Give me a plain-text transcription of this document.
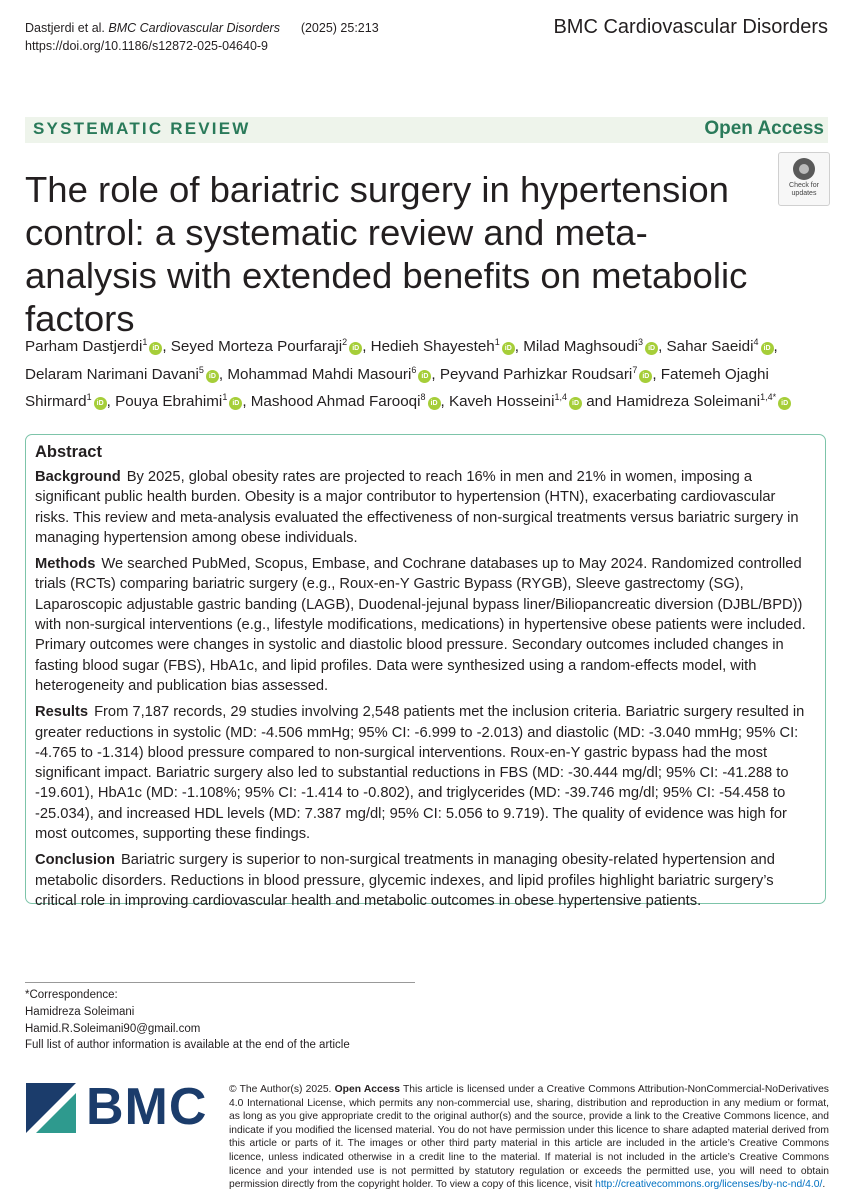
Dastjerdi et al. BMC Cardiovascular Disorders (2025) 25:213
https://doi.org/10.1186/s12872-025-04640-9
BMC Cardiovascular Disorders
SYSTEMATIC REVIEW	Open Access
Check for
updates
The role of bariatric surgery in hypertension control: a systematic review and meta-analysis with extended benefits on metabolic factors
Parham Dastjerdi$^1$iD , Seyed Morteza Pourfaraji$^2$iD , Hedieh Shayesteh$^1$iD , Milad Maghsoudi$^3$iD , Sahar Saeidi$^4$iD , Delaram Narimani Davani$^5$iD , Mohammad Mahdi Masouri$^6$iD , Peyvand Parhizkar Roudsari$^7$iD , Fatemeh Ojaghi Shirmard$^1$iD , Pouya Ebrahimi$^1$iD , Mashood Ahmad Farooqi$^8$iD , Kaveh Hosseini$^{1,4}$iD and Hamidreza Soleimani$^{1,4*}$iD
Abstract

Background By 2025, global obesity rates are projected to reach 16% in men and 21% in women, imposing a significant public health burden. Obesity is a major contributor to hypertension (HTN), exacerbating cardiovascular risks. This review and meta-analysis evaluated the effectiveness of non-surgical treatments versus bariatric surgery in managing hypertension among obese individuals.

Methods We searched PubMed, Scopus, Embase, and Cochrane databases up to May 2024. Randomized controlled trials (RCTs) comparing bariatric surgery (e.g., Roux-en-Y Gastric Bypass (RYGB), Sleeve gastrectomy (SG), Laparoscopic adjustable gastric banding (LAGB), Duodenal-jejunal bypass liner/Biliopancreatic diversion (DJBL/BPD)) with non-surgical interventions (e.g., lifestyle modifications, medications) in hypertensive obese patients were included. Primary outcomes were changes in systolic and diastolic blood pressure. Secondary outcomes included changes in fasting blood sugar (FBS), HbA1c, and lipid profiles. Data were synthesized using a random-effects model, with heterogeneity and publication bias assessed.

Results From 7,187 records, 29 studies involving 2,548 patients met the inclusion criteria. Bariatric surgery resulted in greater reductions in systolic (MD: -4.506 mmHg; 95% CI: -6.999 to -2.013) and diastolic (MD: -3.040 mmHg; 95% CI: -4.765 to -1.314) blood pressure compared to non-surgical interventions. Roux-en-Y gastric bypass had the most significant impact. Bariatric surgery also led to substantial reductions in FBS (MD: -30.444 mg/dl; 95% CI: -41.288 to -19.601), HbA1c (MD: -1.108%; 95% CI: -1.414 to -0.802), and triglycerides (MD: -39.746 mg/dl; 95% CI: -54.458 to -25.034), and increased HDL levels (MD: 7.387 mg/dl; 95% CI: 5.056 to 9.719). The quality of evidence was high for most outcomes, supporting these findings.

Conclusion Bariatric surgery is superior to non-surgical treatments in managing obesity-related hypertension and metabolic disorders. Reductions in blood pressure, glycemic indexes, and lipid profiles highlight bariatric surgery’s critical role in improving cardiovascular health and metabolic outcomes in obese hypertensive patients.

*Correspondence:
Hamidreza Soleimani
Hamid.R.Soleimani90@gmail.com
Full list of author information is available at the end of the article
BMC © The Author(s) 2025. Open Access This article is licensed under a Creative Commons Attribution-NonCommercial-NoDerivatives 4.0 International License, which permits any non-commercial use, sharing, distribution and reproduction in any medium or format, as long as you give appropriate credit to the original author(s) and the source, provide a link to the Creative Commons licence, and indicate if you modified the licensed material. You do not have permission under this licence to share adapted material derived from this article or parts of it. The images or other third party material in this article are included in the article’s Creative Commons licence, unless indicated otherwise in a credit line to the material. If material is not included in the article’s Creative Commons licence and your intended use is not permitted by statutory regulation or exceeds the permitted use, you will need to obtain permission directly from the copyright holder. To view a copy of this licence, visit http://creativecommons.org/licenses/by-nc-nd/4.0/.
